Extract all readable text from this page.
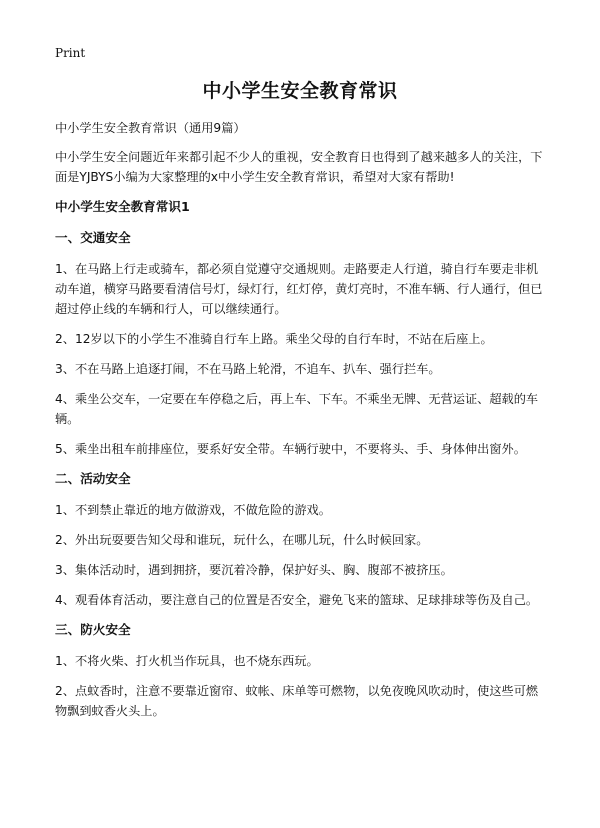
Print
中小学生安全教育常识
中小学生安全教育常识（通用9篇）
中小学生安全问题近年来都引起不少人的重视，安全教育日也得到了越来越多人的关注，下面是YJBYS小编为大家整理的x中小学生安全教育常识，希望对大家有帮助!
中小学生安全教育常识1
一、交通安全
1、在马路上行走或骑车，都必须自觉遵守交通规则。走路要走人行道，骑自行车要走非机动车道，横穿马路要看清信号灯，绿灯行，红灯停，黄灯亮时，不准车辆、行人通行，但已超过停止线的车辆和行人，可以继续通行。
2、12岁以下的小学生不准骑自行车上路。乘坐父母的自行车时，不站在后座上。
3、不在马路上追逐打闹，不在马路上轮滑，不追车、扒车、强行拦车。
4、乘坐公交车，一定要在车停稳之后，再上车、下车。不乘坐无牌、无营运证、超载的车辆。
5、乘坐出租车前排座位，要系好安全带。车辆行驶中，不要将头、手、身体伸出窗外。
二、活动安全
1、不到禁止靠近的地方做游戏，不做危险的游戏。
2、外出玩耍要告知父母和谁玩，玩什么，在哪儿玩，什么时候回家。
3、集体活动时，遇到拥挤，要沉着冷静，保护好头、胸、腹部不被挤压。
4、观看体育活动，要注意自己的位置是否安全，避免飞来的篮球、足球排球等伤及自己。
三、防火安全
1、不将火柴、打火机当作玩具，也不烧东西玩。
2、点蚊香时，注意不要靠近窗帘、蚊帐、床单等可燃物，以免夜晚风吹动时，使这些可燃物飘到蚊香火头上。
